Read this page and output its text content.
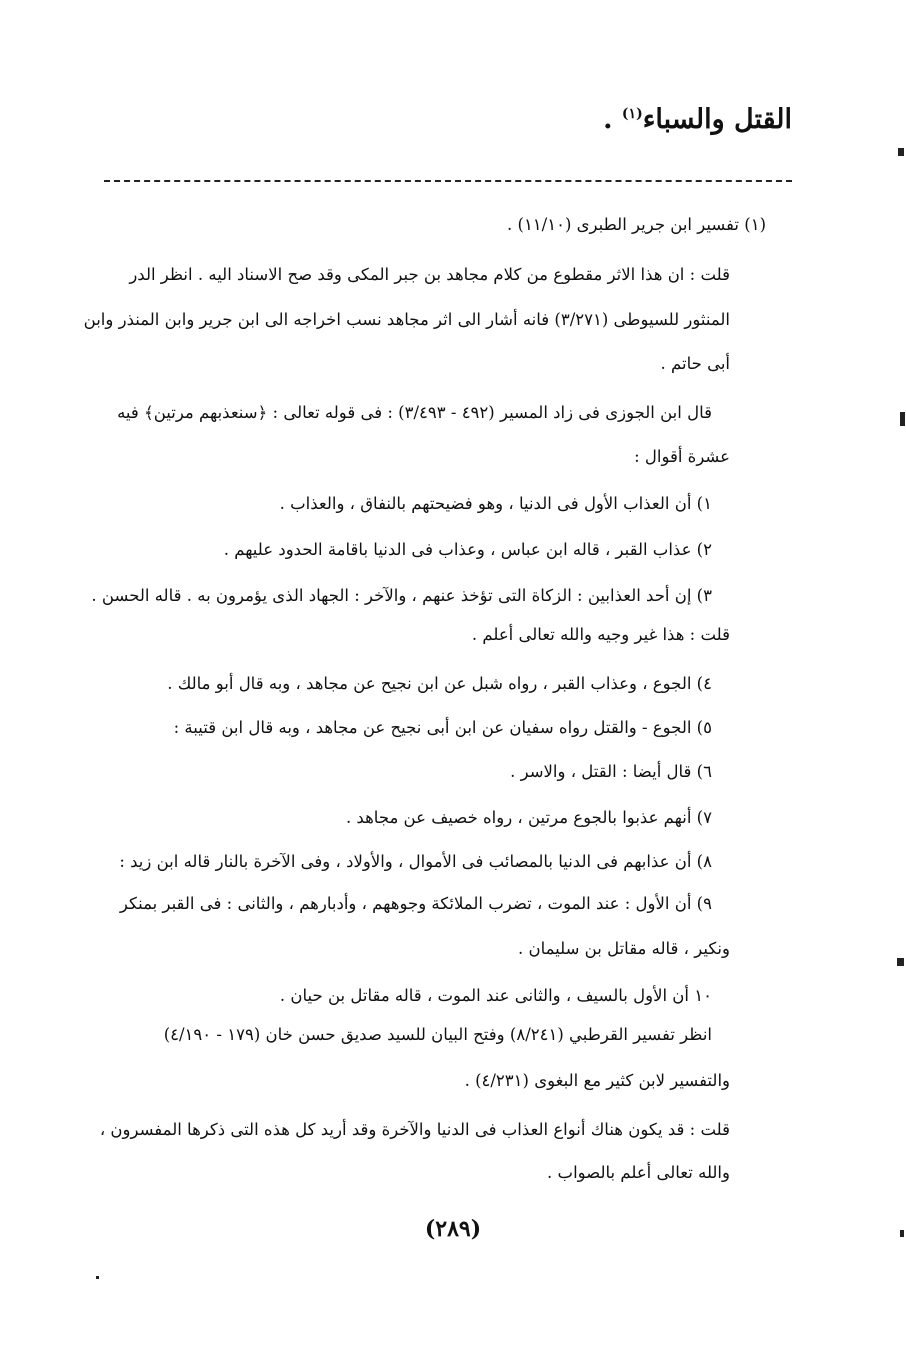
القتل والسباء$^{(١)}$ .
(١) تفسير ابن جرير الطبرى (١١/١٠) .
قلت : ان هذا الاثر مقطوع من كلام مجاهد بن جبر المكى وقد صح الاسناد اليه . انظر الدر
المنثور للسيوطى (٣/٢٧١) فانه أشار الى اثر مجاهد نسب اخراجه الى ابن جرير وابن المنذر وابن
أبى حاتم .
قال ابن الجوزى فى زاد المسير (٤٩٢ - ٣/٤٩٣) : فى قوله تعالى : ﴿سنعذبهم مرتين﴾ فيه
عشرة أقوال :
١) أن العذاب الأول فى الدنيا ، وهو فضيحتهم بالنفاق ، والعذاب .
٢) عذاب القبر ، قاله ابن عباس ، وعذاب فى الدنيا باقامة الحدود عليهم .
٣) إن أحد العذابين : الزكاة التى تؤخذ عنهم ، والآخر : الجهاد الذى يؤمرون به . قاله الحسن .
قلت : هذا غير وجيه والله تعالى أعلم .
٤) الجوع ، وعذاب القبر ، رواه شبل عن ابن نجيح عن مجاهد ، وبه قال أبو مالك .
٥) الجوع - والقتل رواه سفيان عن ابن أبى نجيح عن مجاهد ، وبه قال ابن قتيبة :
٦) قال أيضا : القتل ، والاسر .
٧) أنهم عذبوا بالجوع مرتين ، رواه خصيف عن مجاهد .
٨) أن عذابهم فى الدنيا بالمصائب فى الأموال ، والأولاد ، وفى الآخرة بالنار قاله ابن زيد :
٩) أن الأول : عند الموت ، تضرب الملائكة وجوههم ، وأدبارهم ، والثانى : فى القبر بمنكر
ونكير ، قاله مقاتل بن سليمان .
١٠ أن الأول بالسيف ، والثانى عند الموت ، قاله مقاتل بن حيان .
انظر تفسير القرطبي (٨/٢٤١) وفتح البيان للسيد صديق حسن خان (١٧٩ - ٤/١٩٠)
والتفسير لابن كثير مع البغوى (٤/٢٣١) .
قلت : قد يكون هناك أنواع العذاب فى الدنيا والآخرة وقد أريد كل هذه التى ذكرها المفسرون ،
والله تعالى أعلم بالصواب .
(٢٨٩)
